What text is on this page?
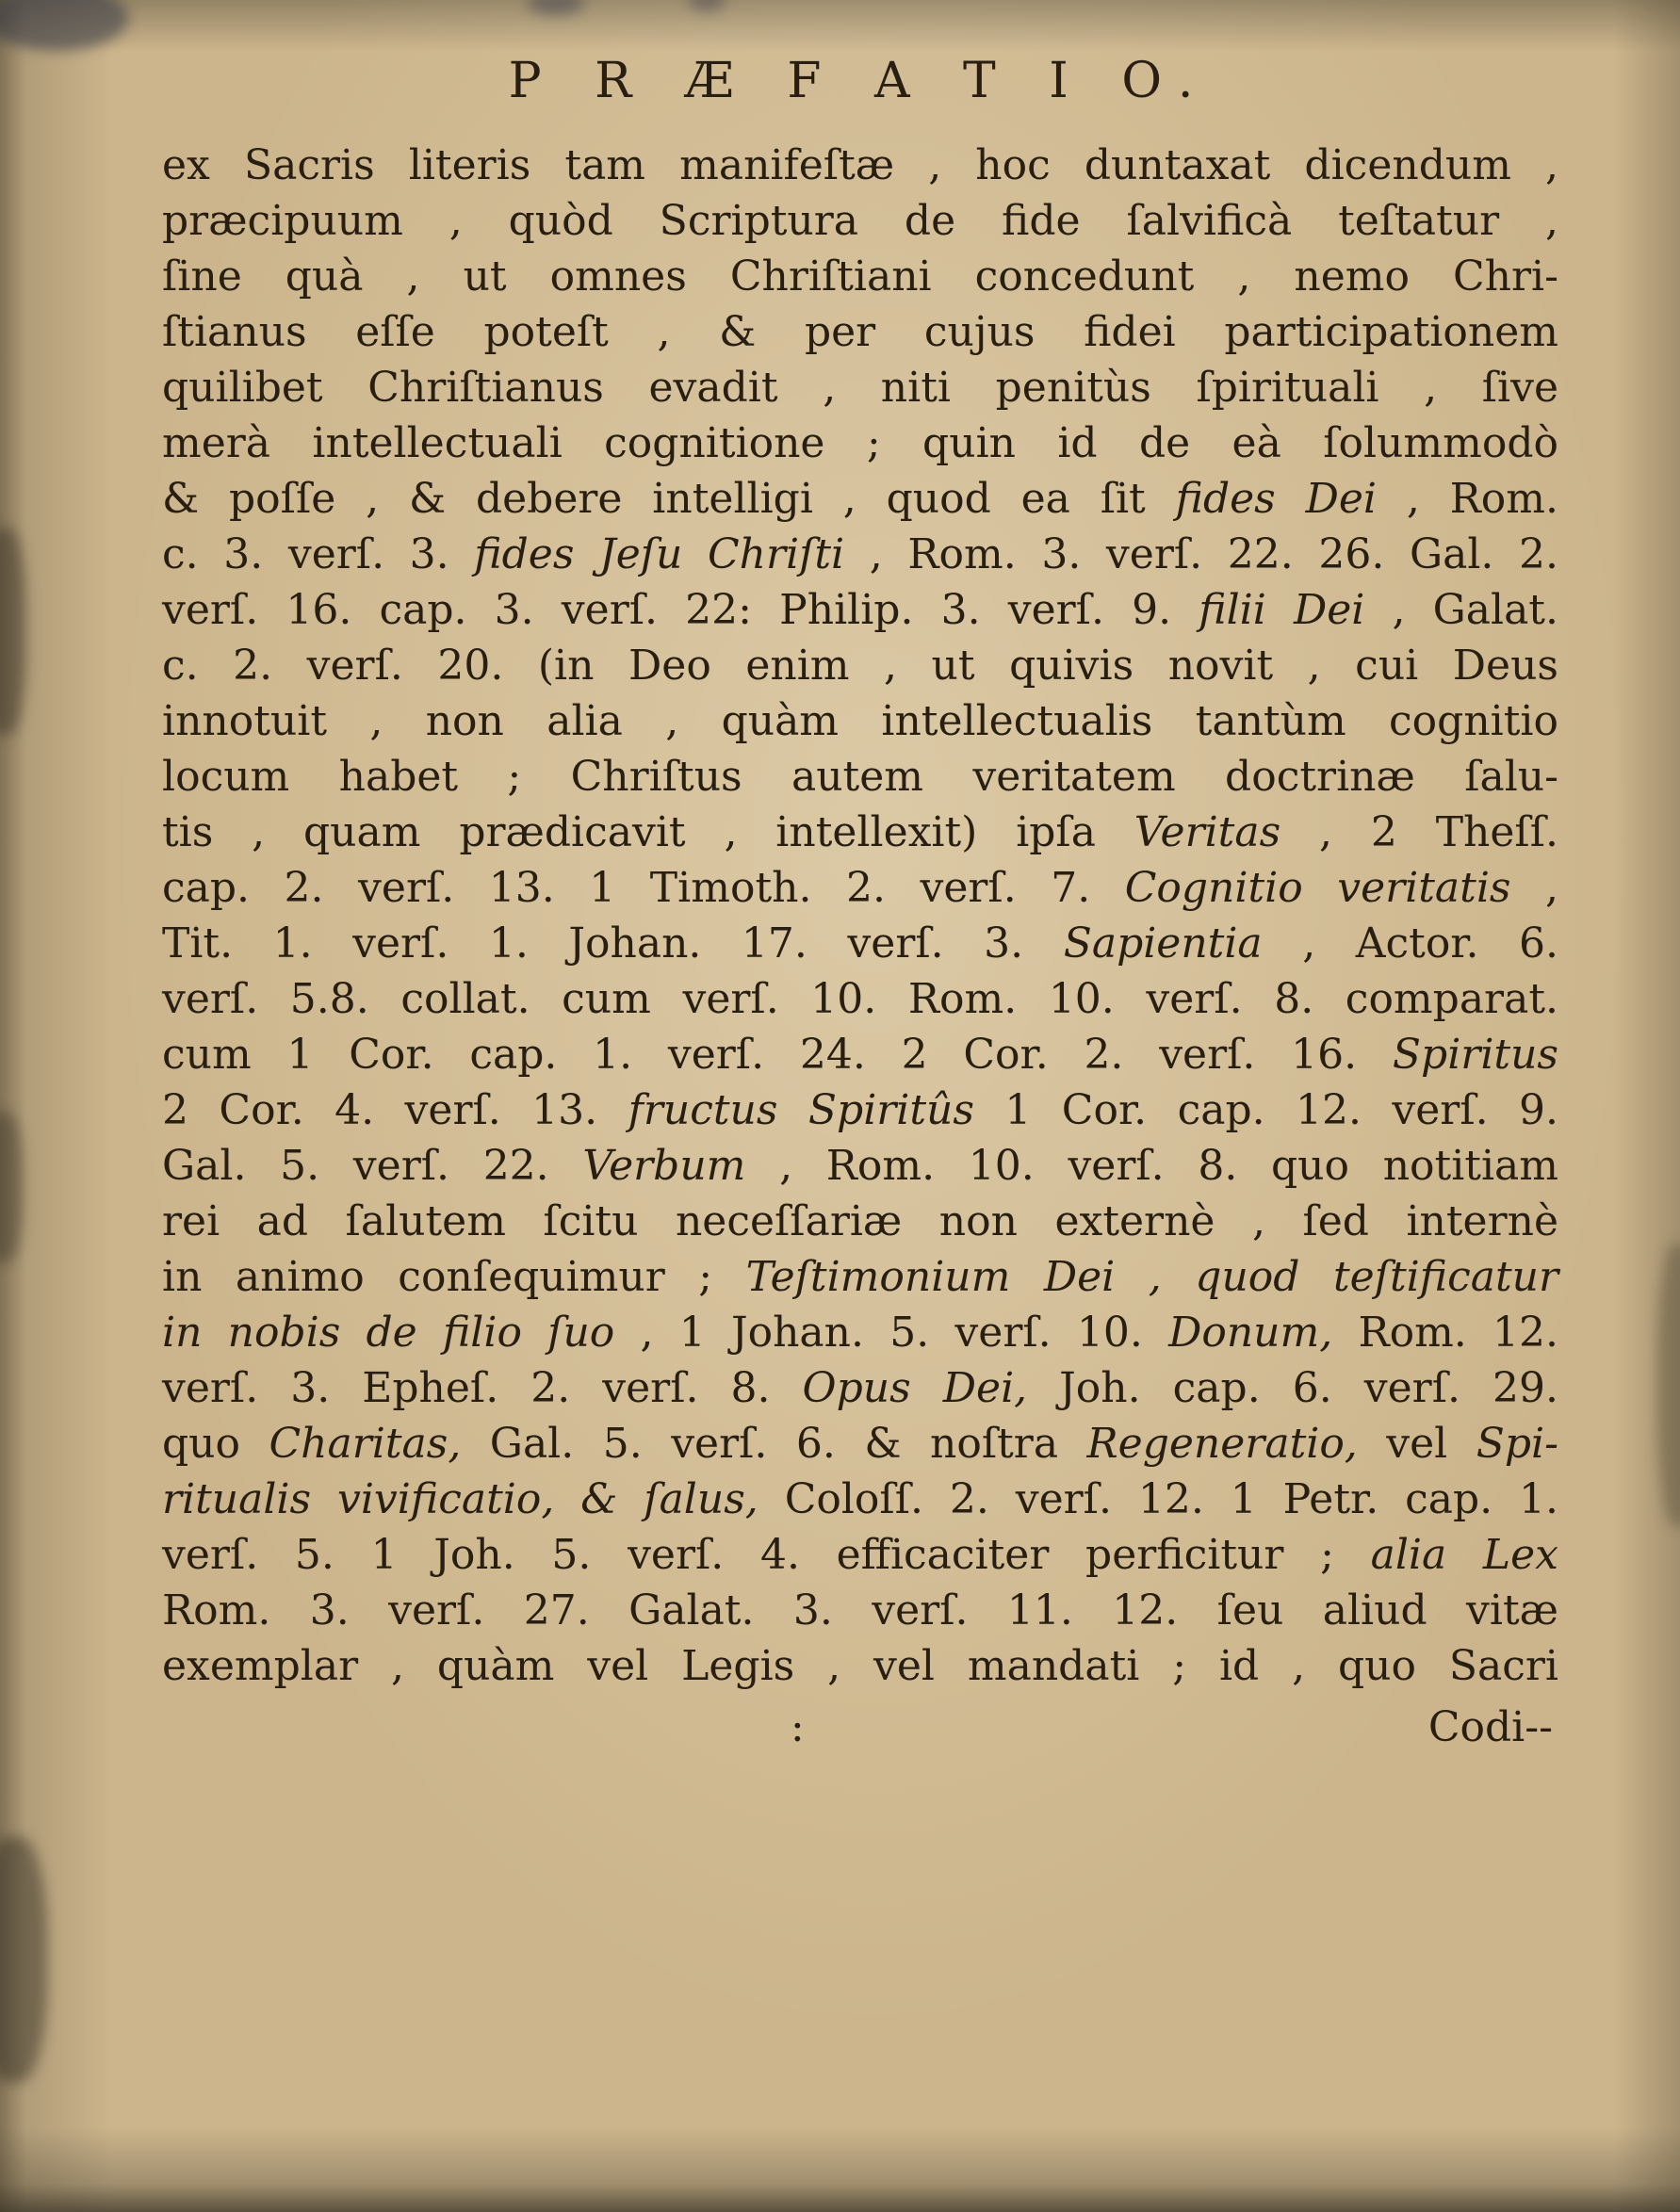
P R Æ F A T I O.
ex Sacris literis tam manifeſtæ , hoc duntaxat dicendum ,
præcipuum , quòd Scriptura de fide ſalvificà teſtatur ,
ſine quà , ut omnes Chriſtiani concedunt , nemo Chri-
ſtianus eſſe poteſt , & per cujus fidei participationem
quilibet Chriſtianus evadit , niti penitùs ſpirituali , ſive
merà intellectuali cognitione ; quin id de eà ſolummodò
& poſſe , & debere intelligi , quod ea ſit fides Dei , Rom.
c. 3. verſ. 3. fides Jeſu Chriſti , Rom. 3. verſ. 22. 26. Gal. 2.
verſ. 16. cap. 3. verſ. 22: Philip. 3. verſ. 9. filii Dei , Galat.
c. 2. verſ. 20. (in Deo enim , ut quivis novit , cui Deus
innotuit , non alia , quàm intellectualis tantùm cognitio
locum habet ; Chriſtus autem veritatem doctrinæ ſalu-
tis , quam prædicavit , intellexit) ipſa Veritas , 2 Theſſ.
cap. 2. verſ. 13. 1 Timoth. 2. verſ. 7. Cognitio veritatis ,
Tit. 1. verſ. 1. Johan. 17. verſ. 3. Sapientia , Actor. 6.
verſ. 5.8. collat. cum verſ. 10. Rom. 10. verſ. 8. comparat.
cum 1 Cor. cap. 1. verſ. 24. 2 Cor. 2. verſ. 16. Spiritus
2 Cor. 4. verſ. 13. fructus Spiritûs 1 Cor. cap. 12. verſ. 9.
Gal. 5. verſ. 22. Verbum , Rom. 10. verſ. 8. quo notitiam
rei ad ſalutem ſcitu neceſſariæ non externè , ſed internè
in animo conſequimur ; Teſtimonium Dei , quod teſtificatur
in nobis de filio ſuo , 1 Johan. 5. verſ. 10. Donum, Rom. 12.
verſ. 3. Epheſ. 2. verſ. 8. Opus Dei, Joh. cap. 6. verſ. 29.
quo Charitas, Gal. 5. verſ. 6. & noſtra Regeneratio, vel Spi-
ritualis vivificatio, & ſalus, Coloſſ. 2. verſ. 12. 1 Petr. cap. 1.
verſ. 5. 1 Joh. 5. verſ. 4. efficaciter perficitur ; alia Lex
Rom. 3. verſ. 27. Galat. 3. verſ. 11. 12. ſeu aliud vitæ
exemplar , quàm vel Legis , vel mandati ; id , quo Sacri
:	Codi--
